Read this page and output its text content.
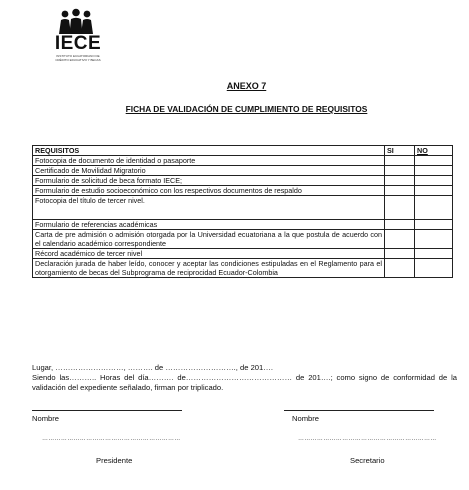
IECE
INSTITUTO ECUATORIANO DE CRÉDITO EDUCATIVO Y BECAS
ANEXO 7
FICHA DE VALIDACIÓN DE CUMPLIMIENTO DE REQUISITOS
REQUISITOS	SI	NO
Fotocopia de documento de identidad o pasaporte		
Certificado de Movilidad Migratorio		
Formulario de solicitud de beca formato IECE;		
Formulario de estudio socioeconómico con los respectivos documentos de respaldo		
Fotocopia del título de tercer nivel.		
Formulario de referencias académicas		
Carta de pre admisión o admisión otorgada por la Universidad ecuatoriana a la que postula de acuerdo con el calendario académico correspondiente		
Récord académico de tercer nivel		
Declaración jurada de haber leído, conocer y aceptar las condiciones estipuladas en el Reglamento para el otorgamiento de becas del Subprograma de reciprocidad Ecuador-Colombia		
Lugar, ………………………, ………. de ………………………., de 201….
Siendo las……….. Horas del día………. de…………………………………… de 201….; como signo de conformidad de la validación del expediente señalado, firman por triplicado.
Nombre	Nombre
…………………………………………………………	…………………………………………………………
Presidente	Secretario
